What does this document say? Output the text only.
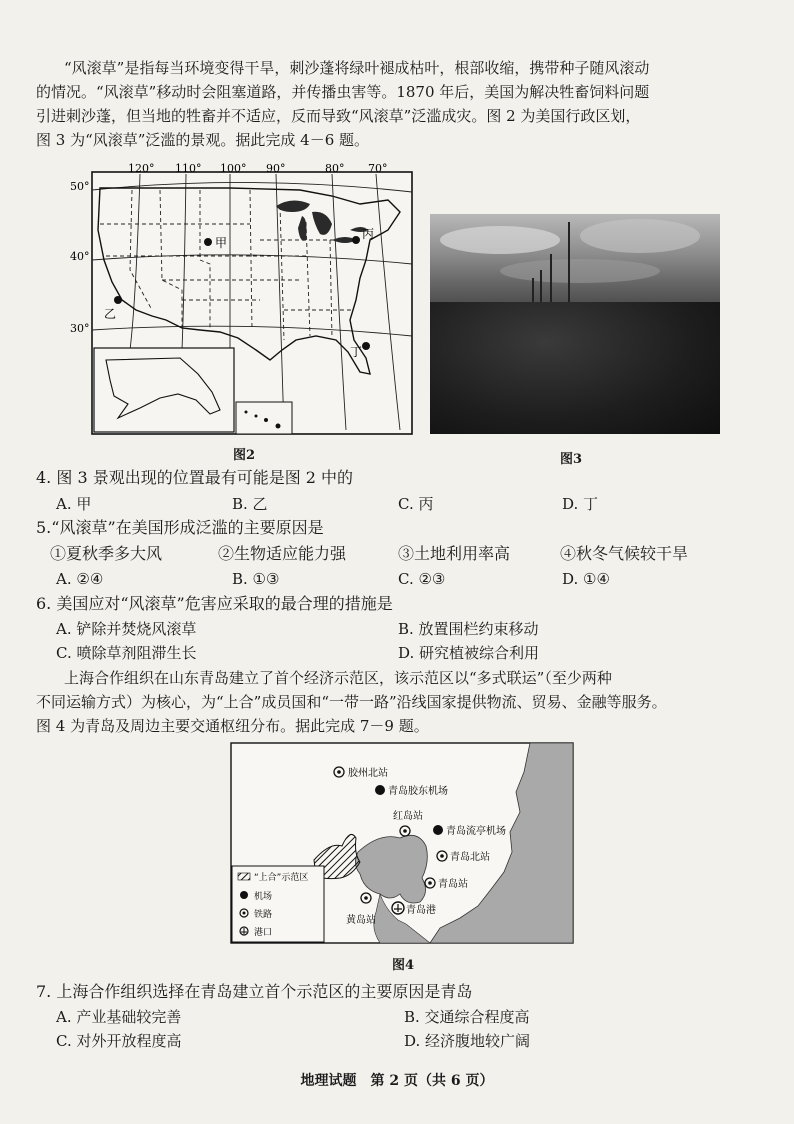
“风滚草”是指每当环境变得干旱，刺沙蓬将绿叶褪成枯叶，根部收缩，携带种子随风滚动
的情况。“风滚草”移动时会阻塞道路，并传播虫害等。1870 年后，美国为解决牲畜饲料问题
引进刺沙蓬，但当地的牲畜并不适应，反而导致“风滚草”泛滥成灾。图 2 为美国行政区划，
图 3 为“风滚草”泛滥的景观。据此完成 4－6 题。
120° 110° 100° 90°	80° 70°
50°
40°
30°
甲
乙
丙
丁
图2	图3
4. 图 3 景观出现的位置最有可能是图 2 中的
A. 甲	B. 乙	C. 丙	D. 丁
5.“风滚草”在美国形成泛滥的主要原因是
①夏秋季多大风	②生物适应能力强	③土地利用率高	④秋冬气候较干旱
A. ②④	B. ①③	C. ②③	D. ①④
6. 美国应对“风滚草”危害应采取的最合理的措施是
A. 铲除并焚烧风滚草	B. 放置围栏约束移动
C. 喷除草剂阻滞生长	D. 研究植被综合利用
上海合作组织在山东青岛建立了首个经济示范区，该示范区以“多式联运”（至少两种
不同运输方式）为核心，为“上合”成员国和“一带一路”沿线国家提供物流、贸易、金融等服务。
图 4 为青岛及周边主要交通枢纽分布。据此完成 7－9 题。
“上合”示范区
机场
铁路
港口
胶州北站
青岛胶东机场
红岛站
青岛流亭机场
青岛北站
青岛站
黄岛站
青岛港
图4
7. 上海合作组织选择在青岛建立首个示范区的主要原因是青岛
A. 产业基础较完善	B. 交通综合程度高
C. 对外开放程度高	D. 经济腹地较广阔
地理试题　第 2 页（共 6 页）
